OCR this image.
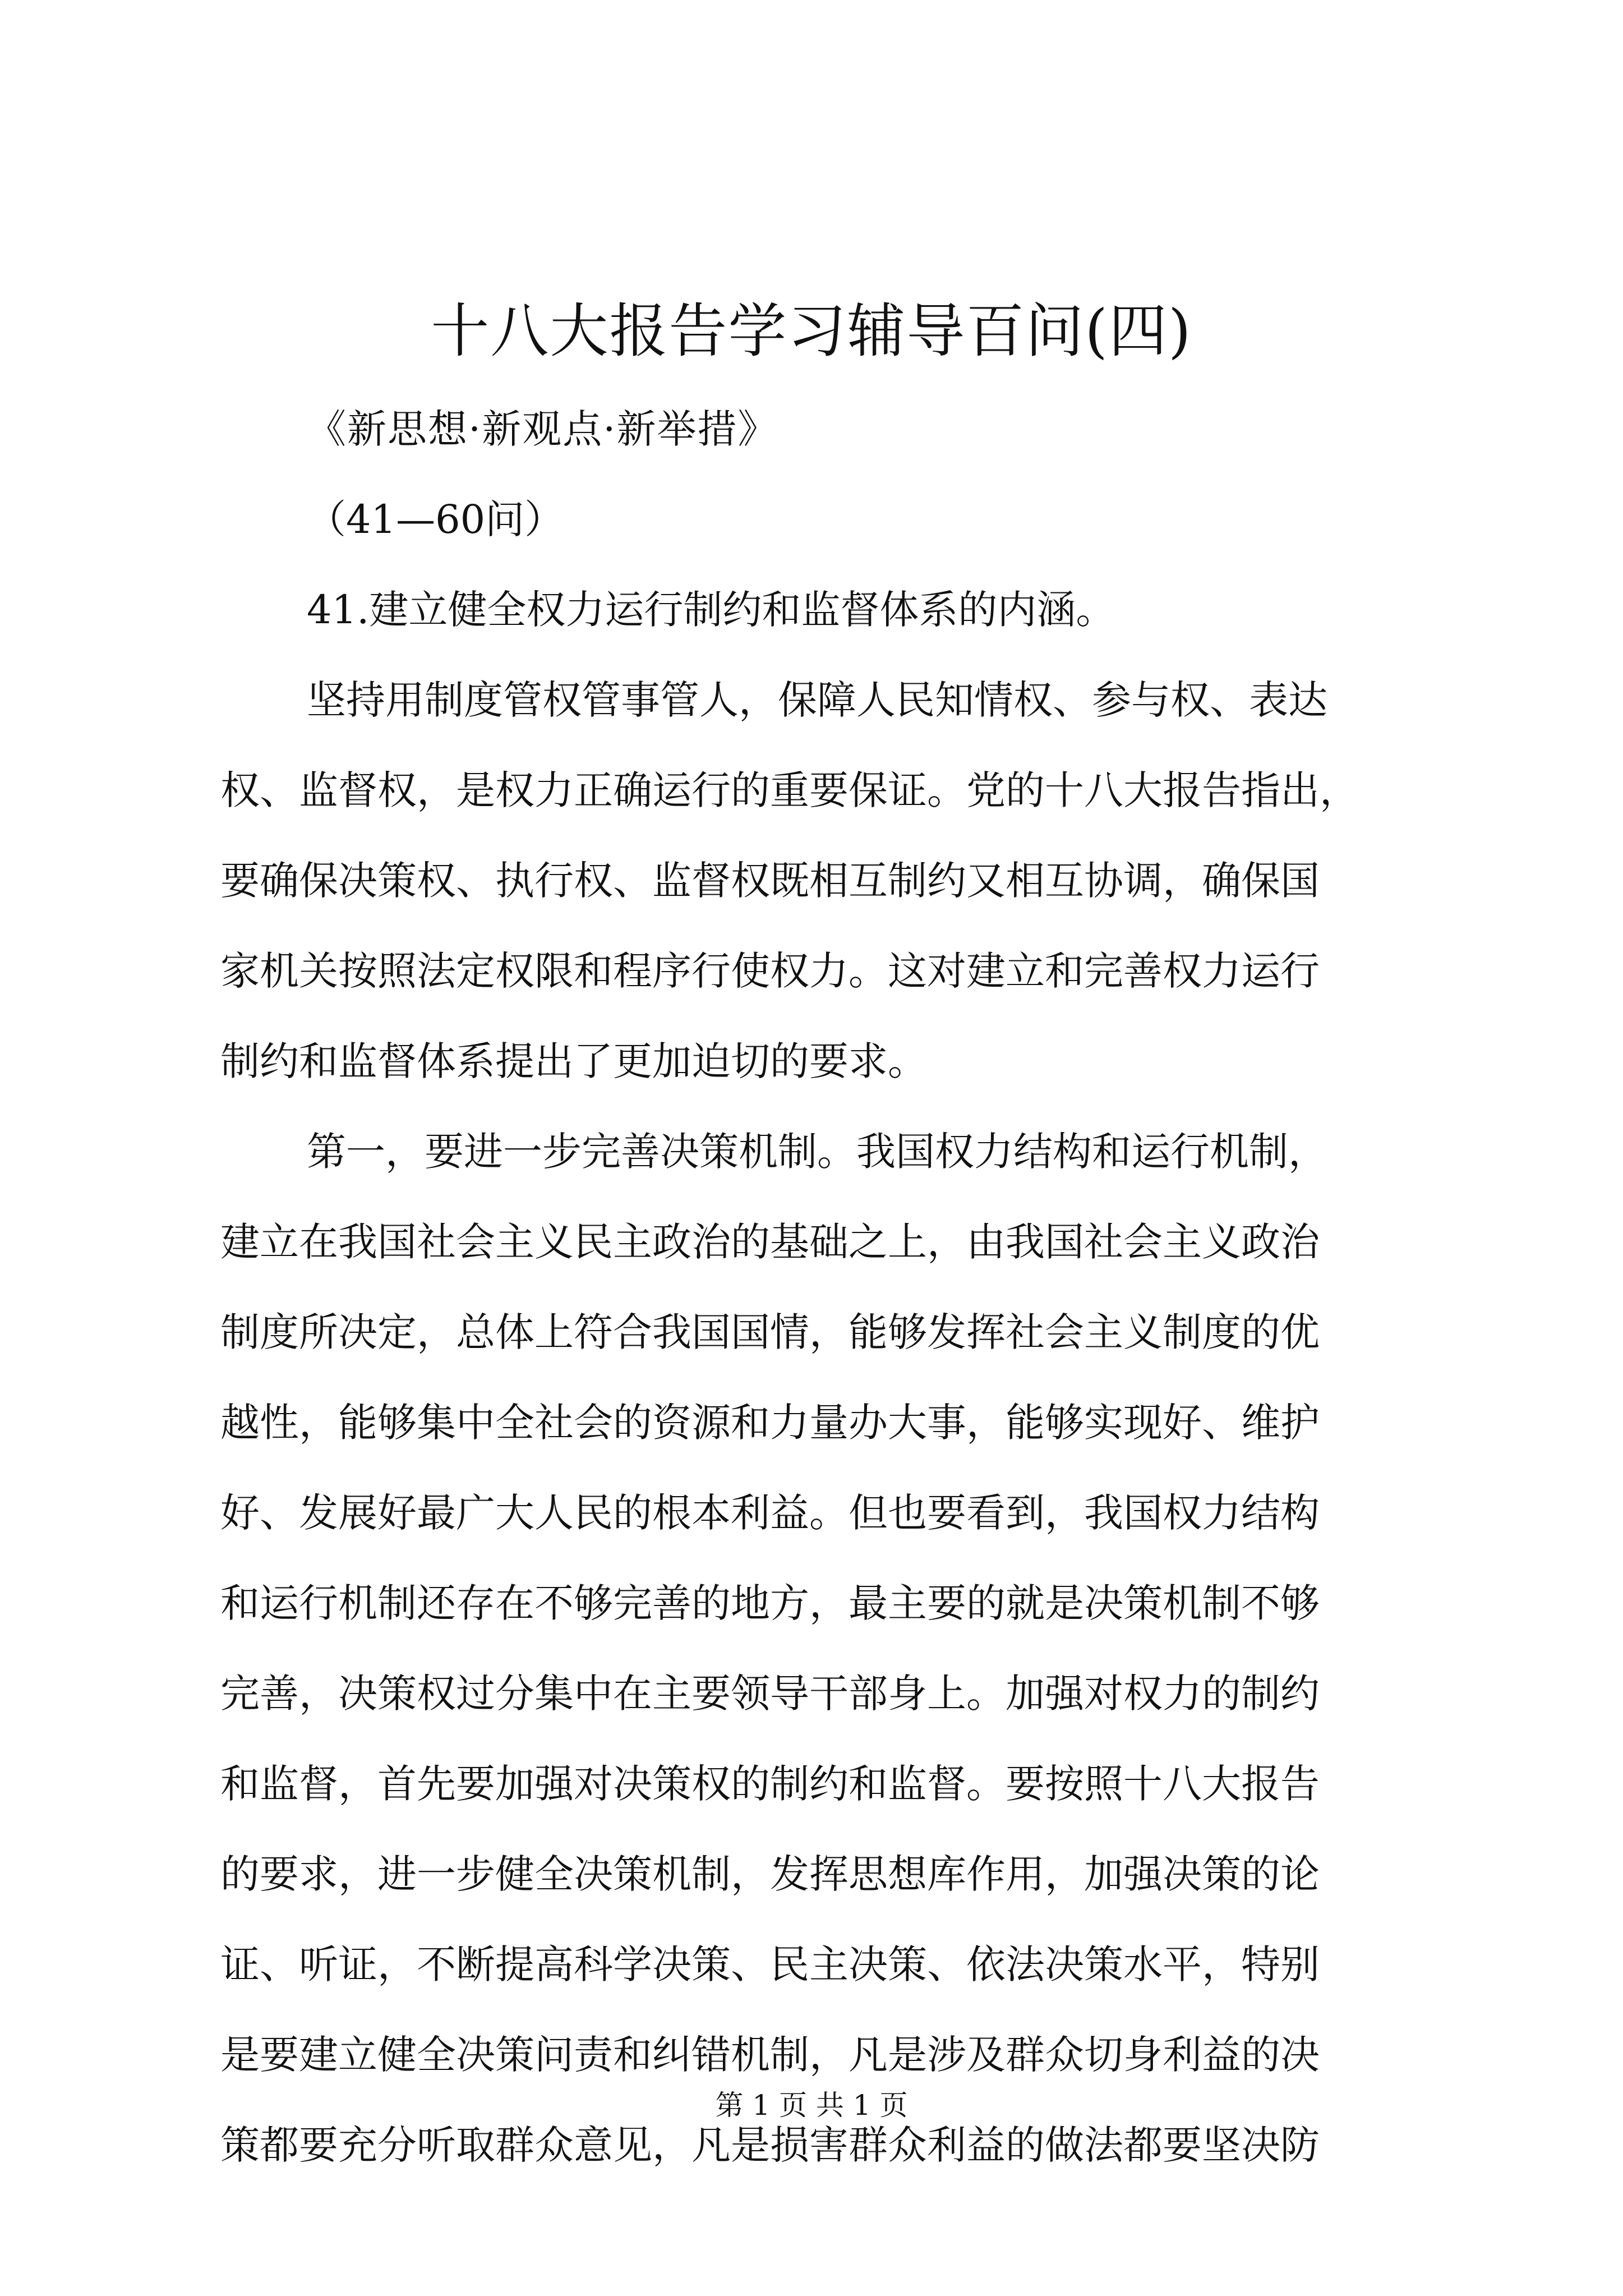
十八大报告学习辅导百问(四)

《新思想·新观点·新举措》

（41—60问）

41.建立健全权力运行制约和监督体系的内涵。

坚持用制度管权管事管人，保障人民知情权、参与权、表达

权、监督权，是权力正确运行的重要保证。党的十八大报告指出，

要确保决策权、执行权、监督权既相互制约又相互协调，确保国

家机关按照法定权限和程序行使权力。这对建立和完善权力运行

制约和监督体系提出了更加迫切的要求。

第一，要进一步完善决策机制。我国权力结构和运行机制，

建立在我国社会主义民主政治的基础之上，由我国社会主义政治

制度所决定，总体上符合我国国情，能够发挥社会主义制度的优

越性，能够集中全社会的资源和力量办大事，能够实现好、维护

好、发展好最广大人民的根本利益。但也要看到，我国权力结构

和运行机制还存在不够完善的地方，最主要的就是决策机制不够

完善，决策权过分集中在主要领导干部身上。加强对权力的制约

和监督，首先要加强对决策权的制约和监督。要按照十八大报告

的要求，进一步健全决策机制，发挥思想库作用，加强决策的论

证、听证，不断提高科学决策、民主决策、依法决策水平，特别

是要建立健全决策问责和纠错机制，凡是涉及群众切身利益的决

策都要充分听取群众意见，凡是损害群众利益的做法都要坚决防

第 1 页 共 1 页
